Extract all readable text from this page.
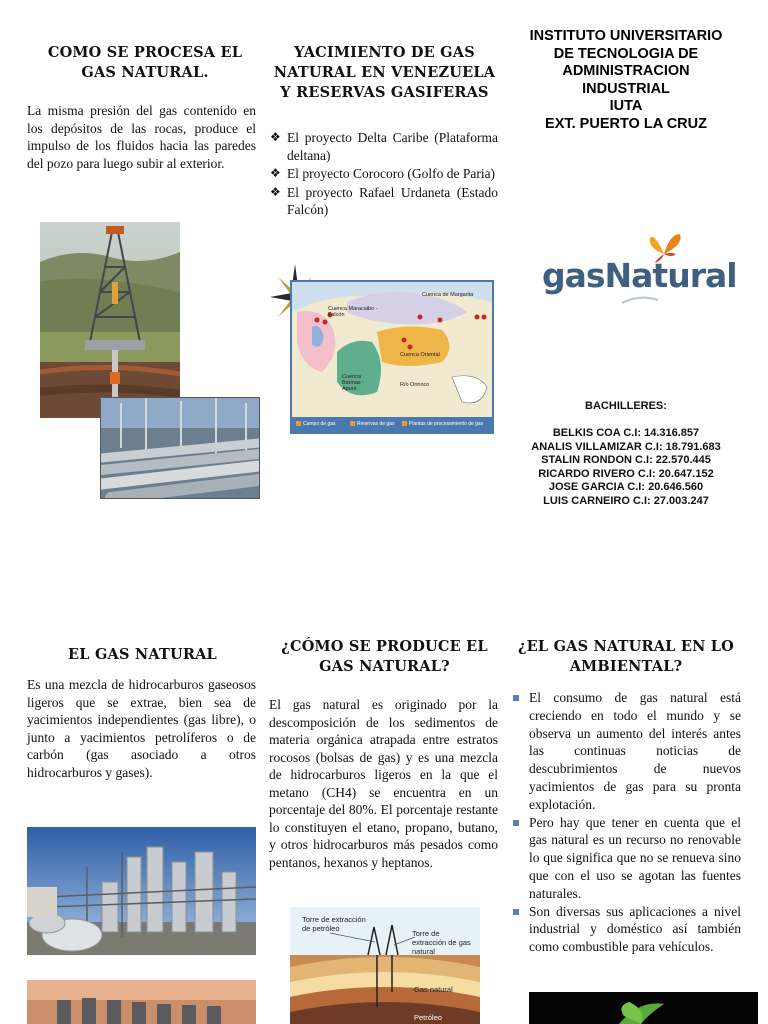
COMO SE PROCESA EL GAS NATURAL.
La misma presión del gas contenido en los depósitos de las rocas, produce el impulso de los fluidos hacia las paredes del pozo para luego subir al exterior.
YACIMIENTO DE GAS NATURAL EN VENEZUELA Y RESERVAS GASIFERAS
❖ El proyecto Delta Caribe (Plataforma deltana)
❖ El proyecto Corocoro (Golfo de Paria)
❖ El proyecto Rafael Urdaneta (Estado Falcón)
Cuenca de Margarita
Cuenca Maracaibo - Falcón
Cuenca Oriental
Cuenca Barinas - Apure
Río Orinoco
Campo de gas	Reservas de gas	Plantas de procesamiento de gas
INSTITUTO UNIVERSITARIO
DE TECNOLOGIA DE
ADMINISTRACION
INDUSTRIAL
IUTA
EXT. PUERTO LA CRUZ
gasNatural
BACHILLERES:
BELKIS COA C.I: 14.316.857
ANALIS VILLAMIZAR C.I: 18.791.683
STALIN RONDON C.I: 22.570.445
RICARDO RIVERO C.I: 20.647.152
JOSE GARCIA C.I: 20.646.560
LUIS CARNEIRO C.I: 27.003.247
EL GAS NATURAL
Es una mezcla de hidrocarburos gaseosos ligeros que se extrae, bien sea de yacimientos independientes (gas libre), o junto a yacimientos petrolíferos o de carbón (gas asociado a otros hidrocarburos y gases).
¿CÓMO SE PRODUCE EL GAS NATURAL?
El gas natural es originado por la descomposición de los sedimentos de materia orgánica atrapada entre estratos rocosos (bolsas de gas) y es una mezcla de hidrocarburos ligeros en la que el metano (CH4) se encuentra en un porcentaje del 80%. El porcentaje restante lo constituyen el etano, propano, butano, y otros hidrocarburos más pesados como pentanos, hexanos y heptanos.
Torre de extracción de petróleo
Torre de extracción de gas natural
Gas natural
Petróleo
¿EL GAS NATURAL EN LO AMBIENTAL?
El consumo de gas natural está creciendo en todo el mundo y se observa un aumento del interés antes las continuas noticias de descubrimientos de nuevos yacimientos de gas para su pronta explotación.
Pero hay que tener en cuenta que el gas natural es un recurso no renovable lo que significa que no se renueva sino que con el uso se agotan las fuentes naturales.
Son diversas sus aplicaciones a nivel industrial y doméstico así también como combustible para vehículos.
